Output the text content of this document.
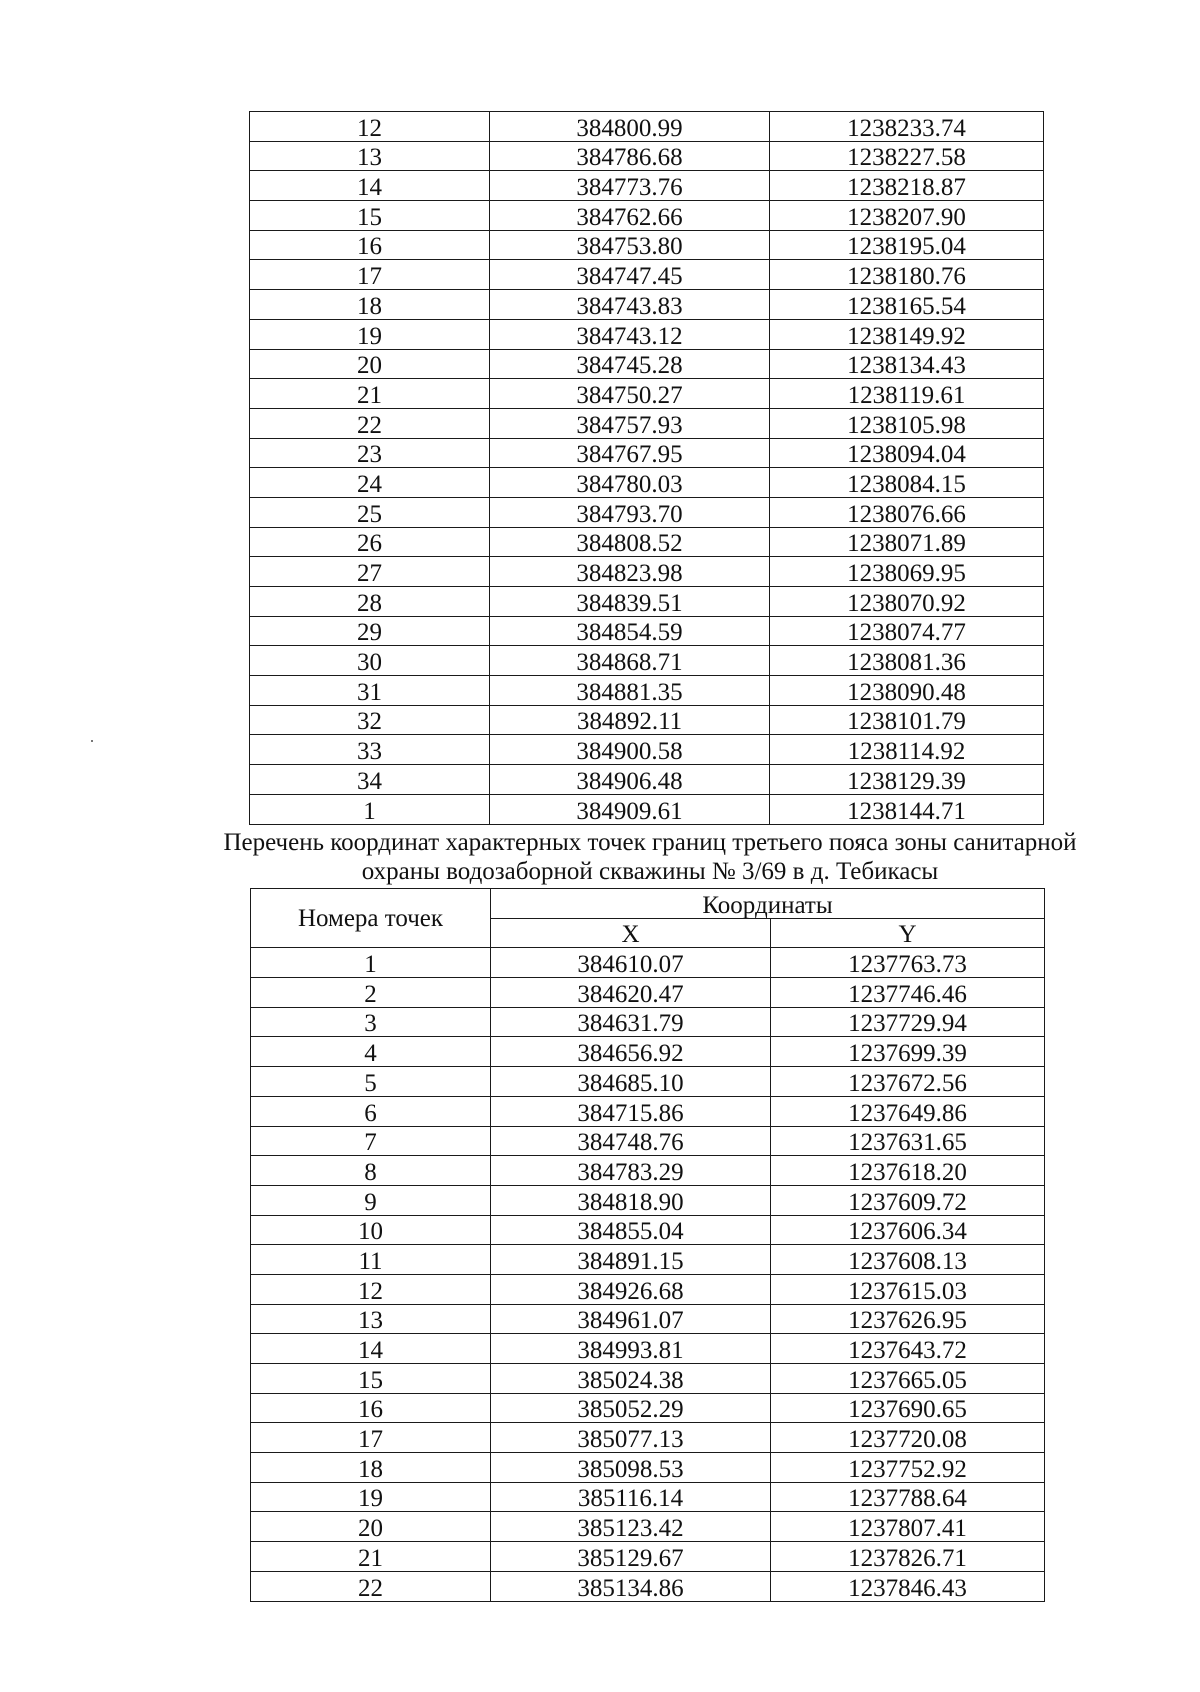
12	384800.99	1238233.74
13	384786.68	1238227.58
14	384773.76	1238218.87
15	384762.66	1238207.90
16	384753.80	1238195.04
17	384747.45	1238180.76
18	384743.83	1238165.54
19	384743.12	1238149.92
20	384745.28	1238134.43
21	384750.27	1238119.61
22	384757.93	1238105.98
23	384767.95	1238094.04
24	384780.03	1238084.15
25	384793.70	1238076.66
26	384808.52	1238071.89
27	384823.98	1238069.95
28	384839.51	1238070.92
29	384854.59	1238074.77
30	384868.71	1238081.36
31	384881.35	1238090.48
32	384892.11	1238101.79
33	384900.58	1238114.92
34	384906.48	1238129.39
1	384909.61	1238144.71
Перечень координат характерных точек границ третьего пояса зоны санитарной
охраны водозаборной скважины № 3/69 в д. Тебикасы
Номера точек	Координаты	
	X	Y
1	384610.07	1237763.73
2	384620.47	1237746.46
3	384631.79	1237729.94
4	384656.92	1237699.39
5	384685.10	1237672.56
6	384715.86	1237649.86
7	384748.76	1237631.65
8	384783.29	1237618.20
9	384818.90	1237609.72
10	384855.04	1237606.34
11	384891.15	1237608.13
12	384926.68	1237615.03
13	384961.07	1237626.95
14	384993.81	1237643.72
15	385024.38	1237665.05
16	385052.29	1237690.65
17	385077.13	1237720.08
18	385098.53	1237752.92
19	385116.14	1237788.64
20	385123.42	1237807.41
21	385129.67	1237826.71
22	385134.86	1237846.43
